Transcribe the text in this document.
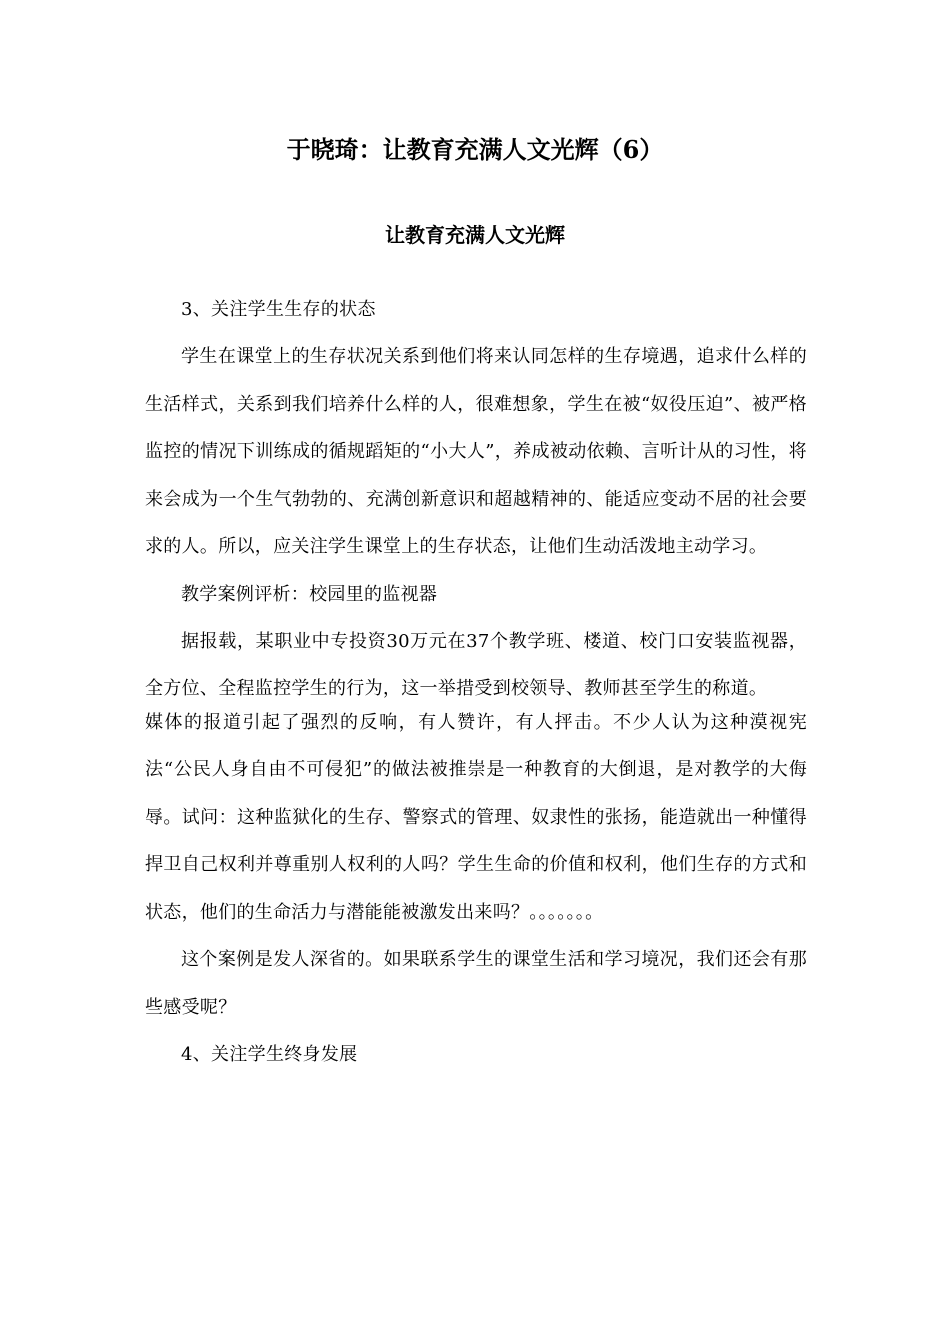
于晓琦：让教育充满人文光辉（6）
让教育充满人文光辉

3、关注学生生存的状态

学生在课堂上的生存状况关系到他们将来认同怎样的生存境遇，追求什么样的生活样式，关系到我们培养什么样的人，很难想象，学生在被“奴役压迫”、被严格监控的情况下训练成的循规蹈矩的“小大人”，养成被动依赖、言听计从的习性，将来会成为一个生气勃勃的、充满创新意识和超越精神的、能适应变动不居的社会要求的人。所以，应关注学生课堂上的生存状态，让他们生动活泼地主动学习。

教学案例评析：校园里的监视器

据报载，某职业中专投资30万元在37个教学班、楼道、校门口安装监视器，全方位、全程监控学生的行为，这一举措受到校领导、教师甚至学生的称道。

媒体的报道引起了强烈的反响，有人赞许，有人抨击。不少人认为这种漠视宪法“公民人身自由不可侵犯”的做法被推崇是一种教育的大倒退，是对教学的大侮辱。试问：这种监狱化的生存、警察式的管理、奴隶性的张扬，能造就出一种懂得捍卫自己权利并尊重别人权利的人吗？学生生命的价值和权利，他们生存的方式和状态，他们的生命活力与潜能能被激发出来吗？。。。。。。。

这个案例是发人深省的。如果联系学生的课堂生活和学习境况，我们还会有那些感受呢？

4、关注学生终身发展
